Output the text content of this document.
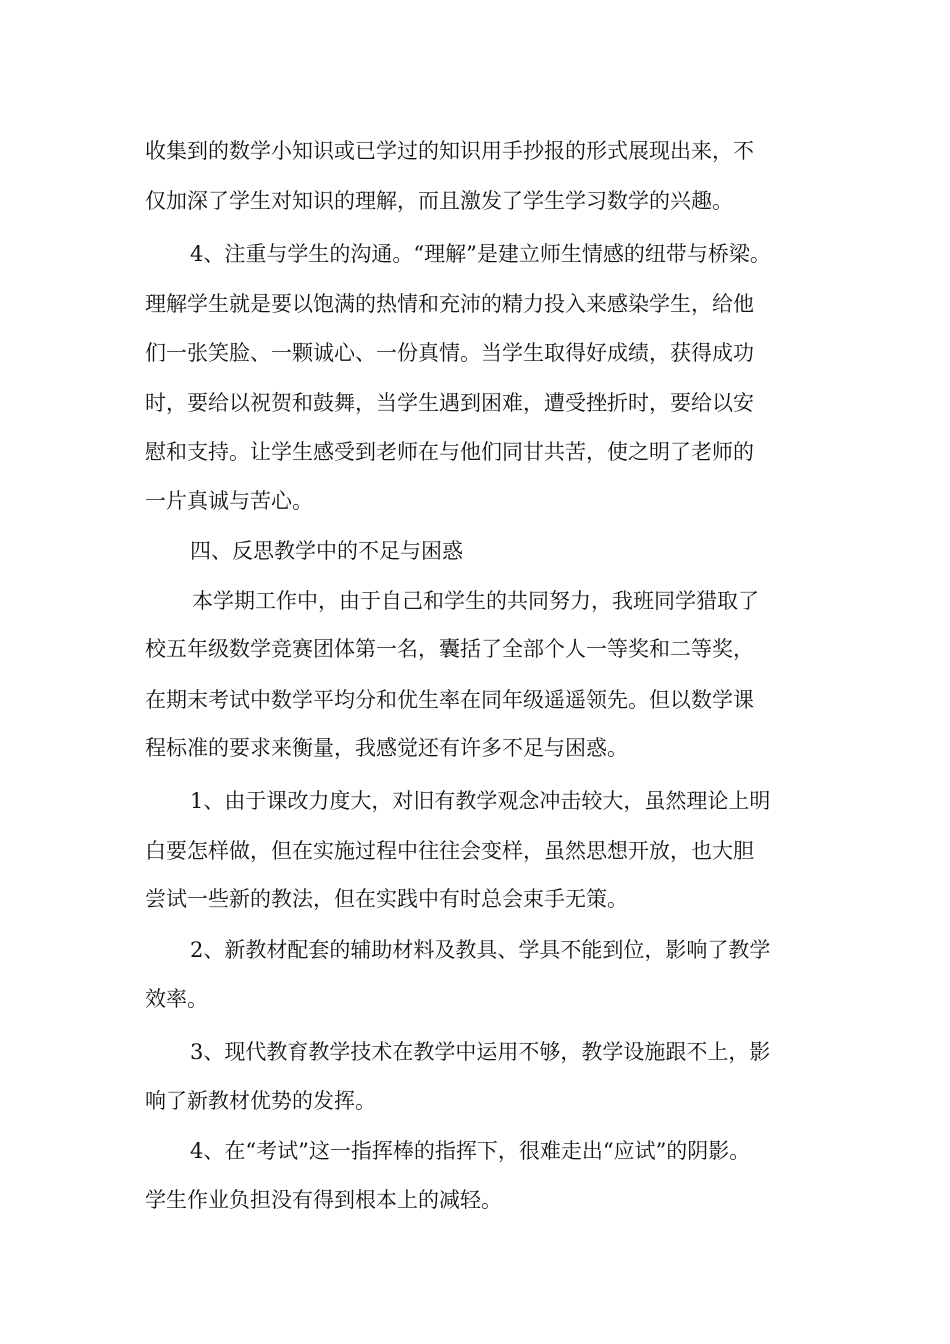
收集到的数学小知识或已学过的知识用手抄报的形式展现出来，不

仅加深了学生对知识的理解，而且激发了学生学习数学的兴趣。

4、注重与学生的沟通。“理解”是建立师生情感的纽带与桥梁。

理解学生就是要以饱满的热情和充沛的精力投入来感染学生，给他

们一张笑脸、一颗诚心、一份真情。当学生取得好成绩，获得成功

时，要给以祝贺和鼓舞，当学生遇到困难，遭受挫折时，要给以安

慰和支持。让学生感受到老师在与他们同甘共苦，使之明了老师的

一片真诚与苦心。

四、反思教学中的不足与困惑

本学期工作中，由于自己和学生的共同努力，我班同学猎取了

校五年级数学竞赛团体第一名，囊括了全部个人一等奖和二等奖，

在期末考试中数学平均分和优生率在同年级遥遥领先。但以数学课

程标准的要求来衡量，我感觉还有许多不足与困惑。

1、由于课改力度大，对旧有教学观念冲击较大，虽然理论上明

白要怎样做，但在实施过程中往往会变样，虽然思想开放，也大胆

尝试一些新的教法，但在实践中有时总会束手无策。

2、新教材配套的辅助材料及教具、学具不能到位，影响了教学

效率。

3、现代教育教学技术在教学中运用不够，教学设施跟不上，影

响了新教材优势的发挥。

4、在“考试”这一指挥棒的指挥下，很难走出“应试”的阴影。

学生作业负担没有得到根本上的减轻。
